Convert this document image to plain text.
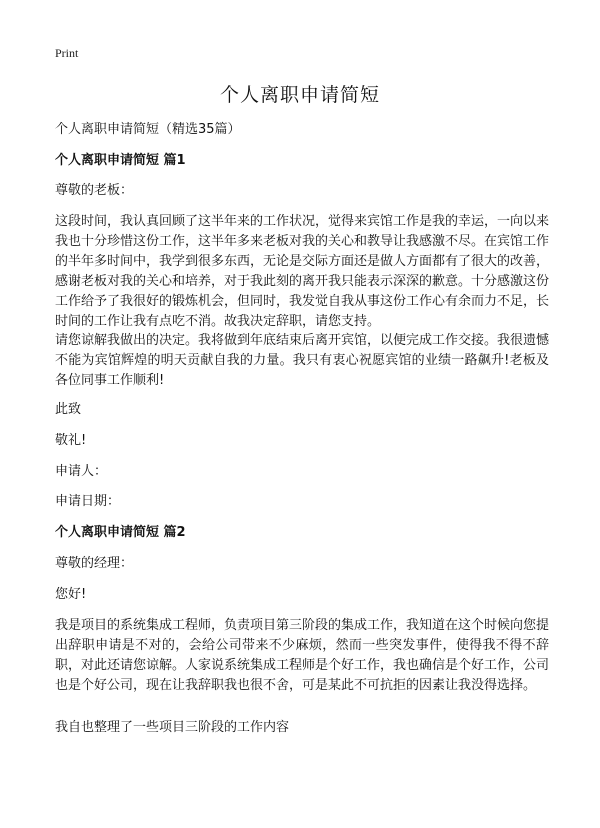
Print
个人离职申请简短

个人离职申请简短（精选35篇）

个人离职申请简短 篇1

尊敬的老板：

这段时间，我认真回顾了这半年来的工作状况，觉得来宾馆工作是我的幸运，一向以来我也十分珍惜这份工作，这半年多来老板对我的关心和教导让我感激不尽。在宾馆工作的半年多时间中，我学到很多东西，无论是交际方面还是做人方面都有了很大的改善，感谢老板对我的关心和培养，对于我此刻的离开我只能表示深深的歉意。十分感激这份工作给予了我很好的锻炼机会，但同时，我发觉自我从事这份工作心有余而力不足，长时间的工作让我有点吃不消。故我决定辞职，请您支持。

请您谅解我做出的决定。我将做到年底结束后离开宾馆，以便完成工作交接。我很遗憾不能为宾馆辉煌的明天贡献自我的力量。我只有衷心祝愿宾馆的业绩一路飙升!老板及各位同事工作顺利!

此致

敬礼!

申请人：

申请日期：

个人离职申请简短 篇2

尊敬的经理：

您好!

我是项目的系统集成工程师，负责项目第三阶段的集成工作，我知道在这个时候向您提出辞职申请是不对的，会给公司带来不少麻烦，然而一些突发事件，使得我不得不辞职，对此还请您谅解。人家说系统集成工程师是个好工作，我也确信是个好工作，公司也是个好公司，现在让我辞职我也很不舍，可是某此不可抗拒的因素让我没得选择。

我自也整理了一些项目三阶段的工作内容
